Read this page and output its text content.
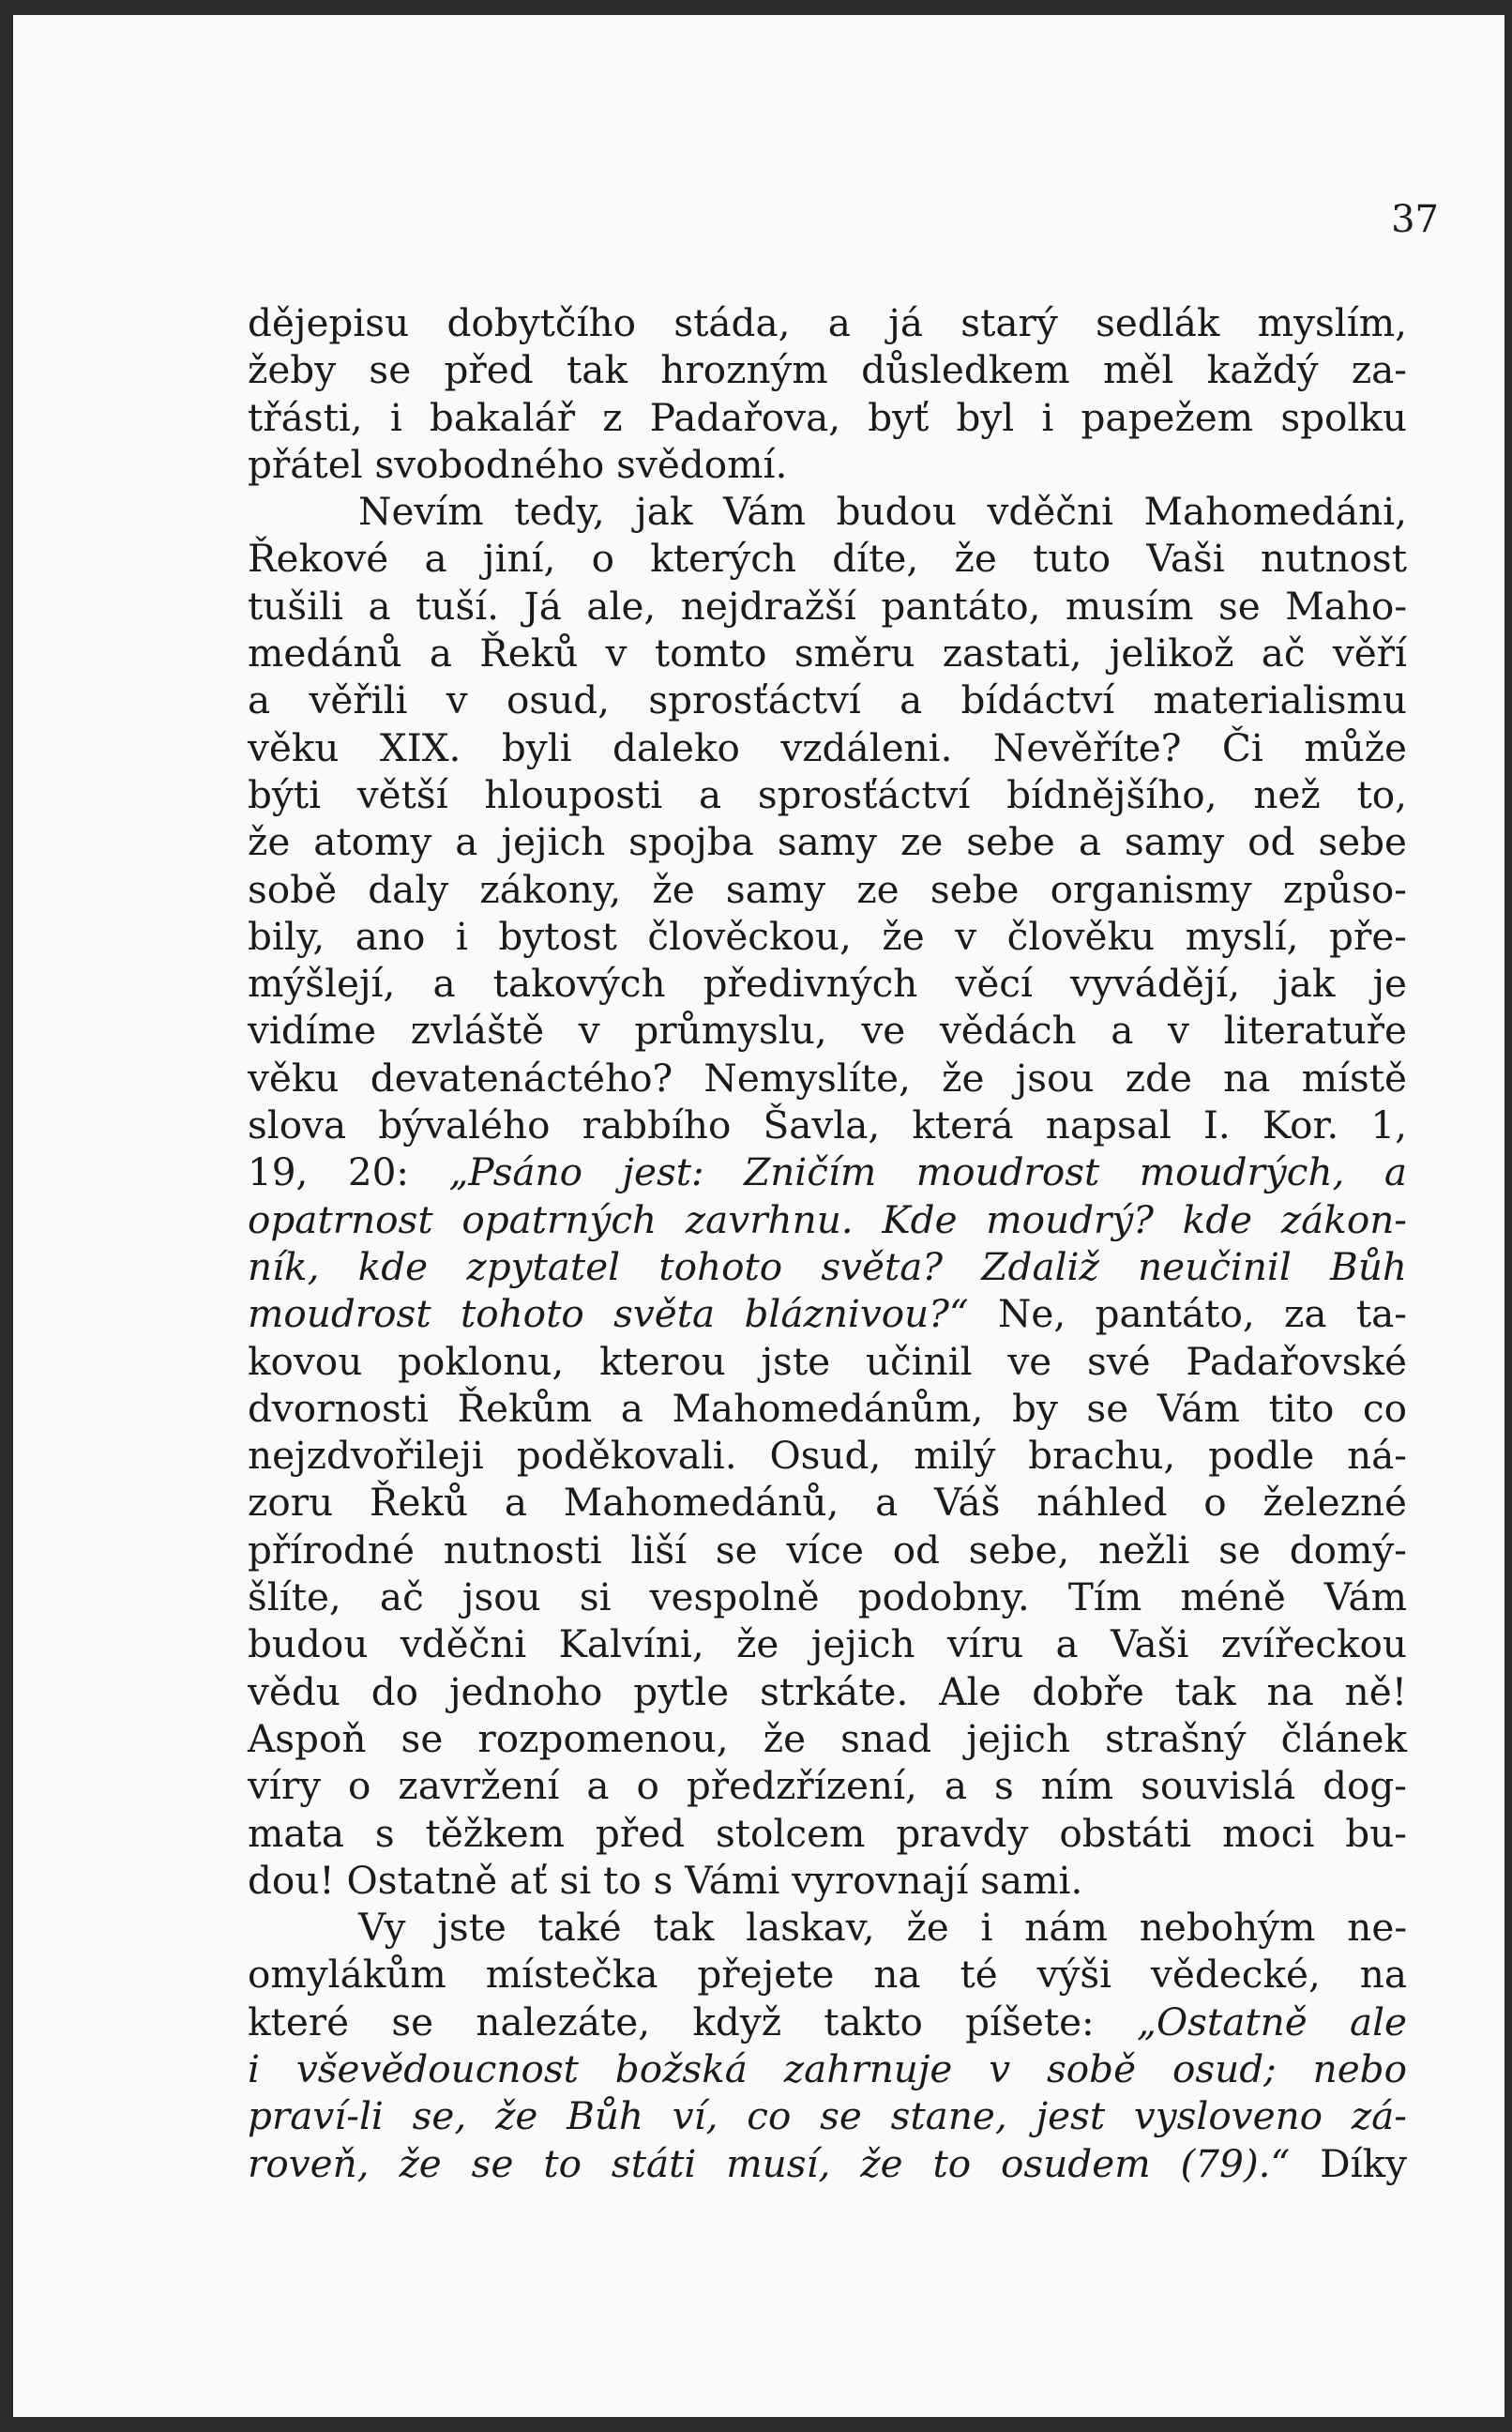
37
dějepisu dobytčího stáda, a já starý sedlák myslím,
žeby se před tak hrozným důsledkem měl každý za-
třásti, i bakalář z Padařova, byť byl i papežem spolku
přátel svobodného svědomí.
Nevím tedy, jak Vám budou vděčni Mahomedáni,
Řekové a jiní, o kterých díte, že tuto Vaši nutnost
tušili a tuší. Já ale, nejdražší pantáto, musím se Maho-
medánů a Řeků v tomto směru zastati, jelikož ač věří
a věřili v osud, sprosťáctví a bídáctví materialismu
věku XIX. byli daleko vzdáleni. Nevěříte? Či může
býti větší hlouposti a sprosťáctví bídnějšího, než to,
že atomy a jejich spojba samy ze sebe a samy od sebe
sobě daly zákony, že samy ze sebe organismy způso-
bily, ano i bytost člověckou, že v člověku myslí, pře-
mýšlejí, a takových předivných věcí vyvádějí, jak je
vidíme zvláště v průmyslu, ve vědách a v literatuře
věku devatenáctého? Nemyslíte, že jsou zde na místě
slova bývalého rabbího Šavla, která napsal I. Kor. 1,
19, 20: „Psáno jest: Zničím moudrost moudrých, a
opatrnost opatrných zavrhnu. Kde moudrý? kde zákon-
ník, kde zpytatel tohoto světa? Zdaliž neučinil Bůh
moudrost tohoto světa bláznivou?“ Ne, pantáto, za ta-
kovou poklonu, kterou jste učinil ve své Padařovské
dvornosti Řekům a Mahomedánům, by se Vám tito co
nejzdvořileji poděkovali. Osud, milý brachu, podle ná-
zoru Řeků a Mahomedánů, a Váš náhled o železné
přírodné nutnosti liší se více od sebe, nežli se domý-
šlíte, ač jsou si vespolně podobny. Tím méně Vám
budou vděčni Kalvíni, že jejich víru a Vaši zvířeckou
vědu do jednoho pytle strkáte. Ale dobře tak na ně!
Aspoň se rozpomenou, že snad jejich strašný článek
víry o zavržení a o předzřízení, a s ním souvislá dog-
mata s těžkem před stolcem pravdy obstáti moci bu-
dou! Ostatně ať si to s Vámi vyrovnají sami.
Vy jste také tak laskav, že i nám nebohým ne-
omylákům místečka přejete na té výši vědecké, na
které se nalezáte, když takto píšete: „Ostatně ale
i vševědoucnost božská zahrnuje v sobě osud; nebo
praví-li se, že Bůh ví, co se stane, jest vysloveno zá-
roveň, že se to státi musí, že to osudem (79).“ Díky
